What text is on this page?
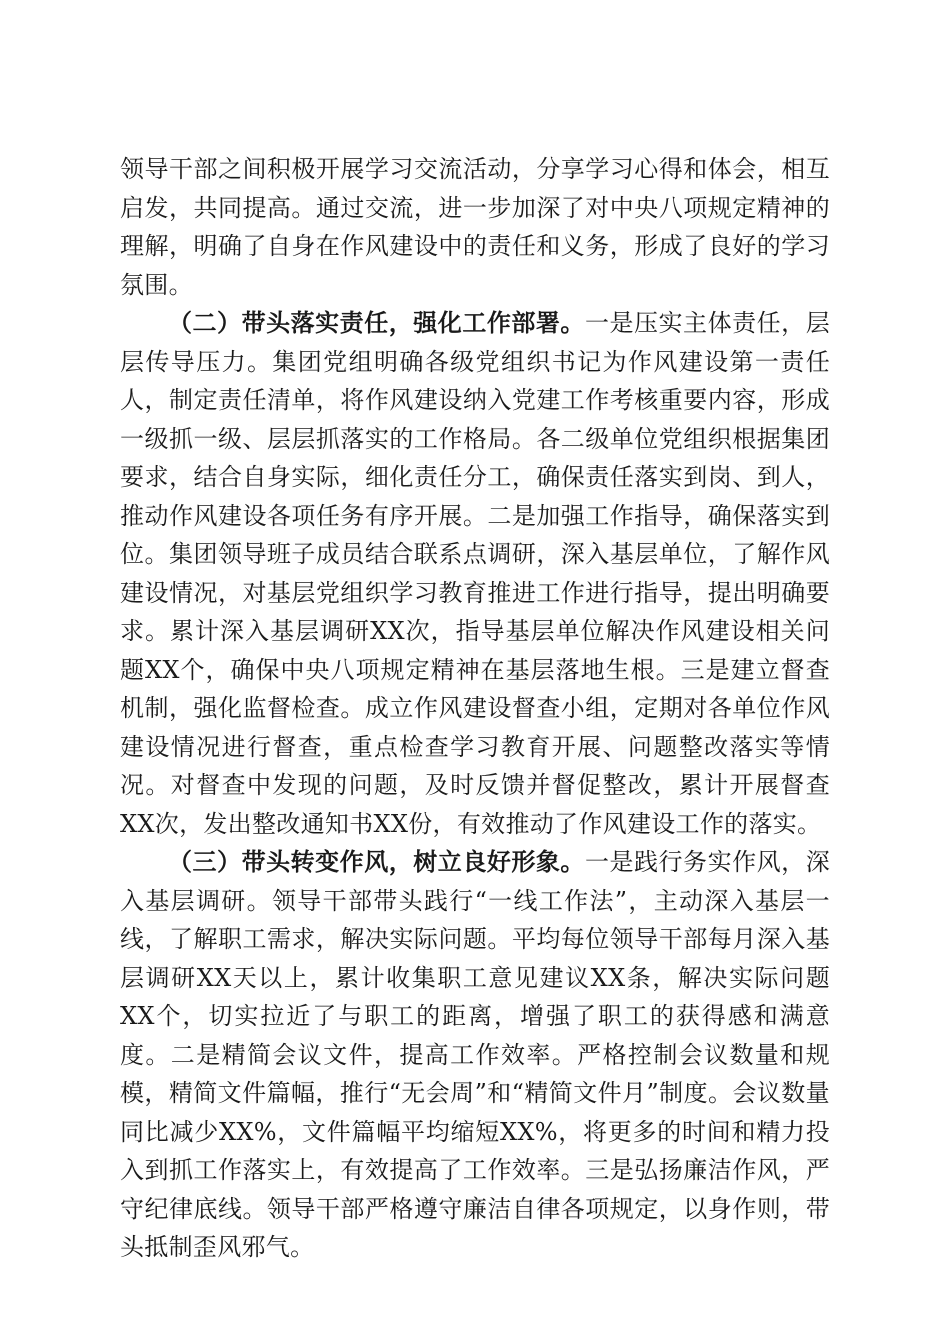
领导干部之间积极开展学习交流活动，分享学习心得和体会，相互启发，共同提高。通过交流，进一步加深了对中央八项规定精神的理解，明确了自身在作风建设中的责任和义务，形成了良好的学习氛围。

（二）带头落实责任，强化工作部署。一是压实主体责任，层层传导压力。集团党组明确各级党组织书记为作风建设第一责任人，制定责任清单，将作风建设纳入党建工作考核重要内容，形成一级抓一级、层层抓落实的工作格局。各二级单位党组织根据集团要求，结合自身实际，细化责任分工，确保责任落实到岗、到人，推动作风建设各项任务有序开展。二是加强工作指导，确保落实到位。集团领导班子成员结合联系点调研，深入基层单位，了解作风建设情况，对基层党组织学习教育推进工作进行指导，提出明确要求。累计深入基层调研XX次，指导基层单位解决作风建设相关问题XX个，确保中央八项规定精神在基层落地生根。三是建立督查机制，强化监督检查。成立作风建设督查小组，定期对各单位作风建设情况进行督查，重点检查学习教育开展、问题整改落实等情况。对督查中发现的问题，及时反馈并督促整改，累计开展督查XX次，发出整改通知书XX份，有效推动了作风建设工作的落实。

（三）带头转变作风，树立良好形象。一是践行务实作风，深入基层调研。领导干部带头践行“一线工作法”，主动深入基层一线，了解职工需求，解决实际问题。平均每位领导干部每月深入基层调研XX天以上，累计收集职工意见建议XX条，解决实际问题XX个，切实拉近了与职工的距离，增强了职工的获得感和满意度。二是精简会议文件，提高工作效率。严格控制会议数量和规模，精简文件篇幅，推行“无会周”和“精简文件月”制度。会议数量同比减少XX%，文件篇幅平均缩短XX%，将更多的时间和精力投入到抓工作落实上，有效提高了工作效率。三是弘扬廉洁作风，严守纪律底线。领导干部严格遵守廉洁自律各项规定，以身作则，带头抵制歪风邪气。
